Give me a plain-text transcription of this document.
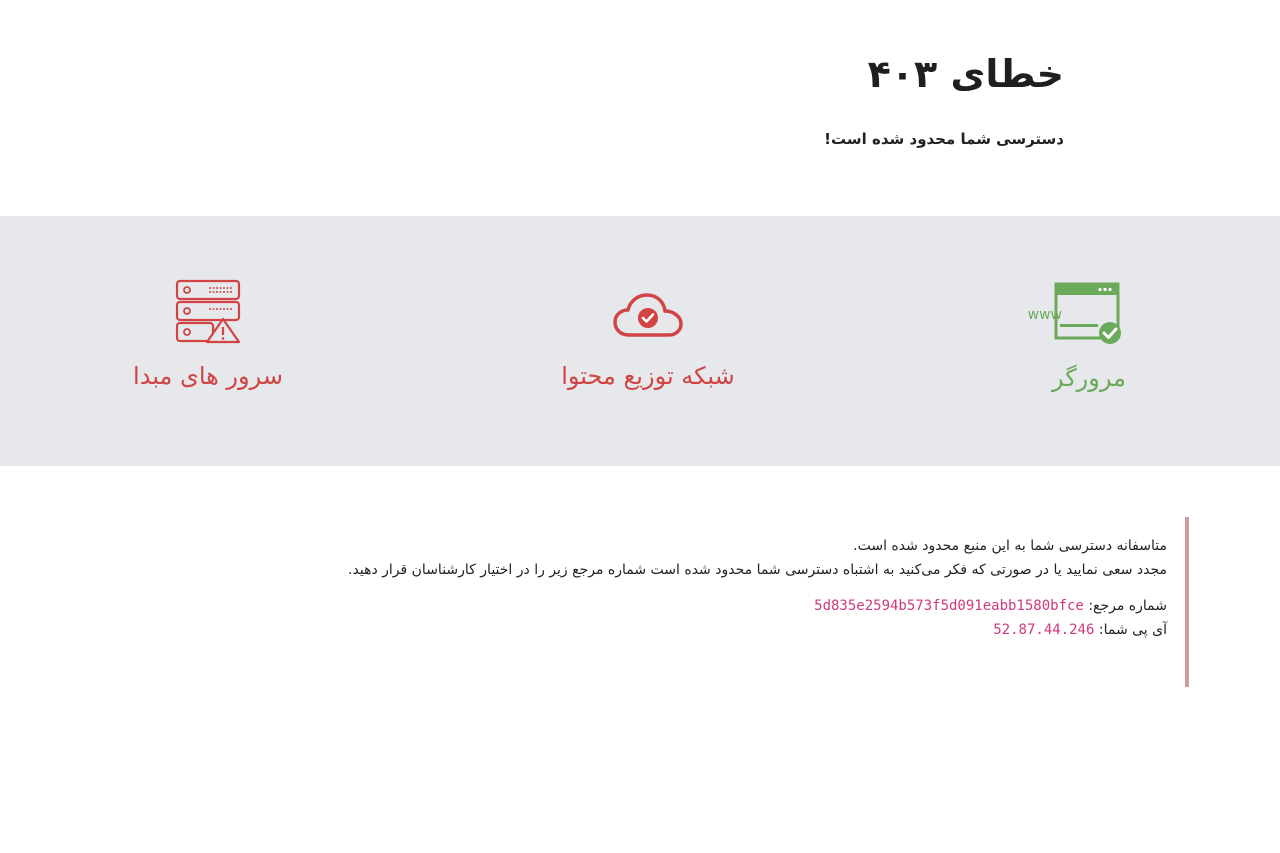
خطای ۴۰۳

دسترسی شما محدود شده است!

www
مرورگر
شبکه توزیع محتوا
سرور های مبدا

متاسفانه دسترسی شما به این منبع محدود شده است.

مجدد سعی نمایید یا در صورتی که فکر می‌کنید به اشتباه دسترسی شما محدود شده است شماره مرجع زیر را در اختیار کارشناسان قرار دهید.

شماره مرجع: 5d835e2594b573f5d091eabb1580bfce

آی پی شما: 52.87.44.246
